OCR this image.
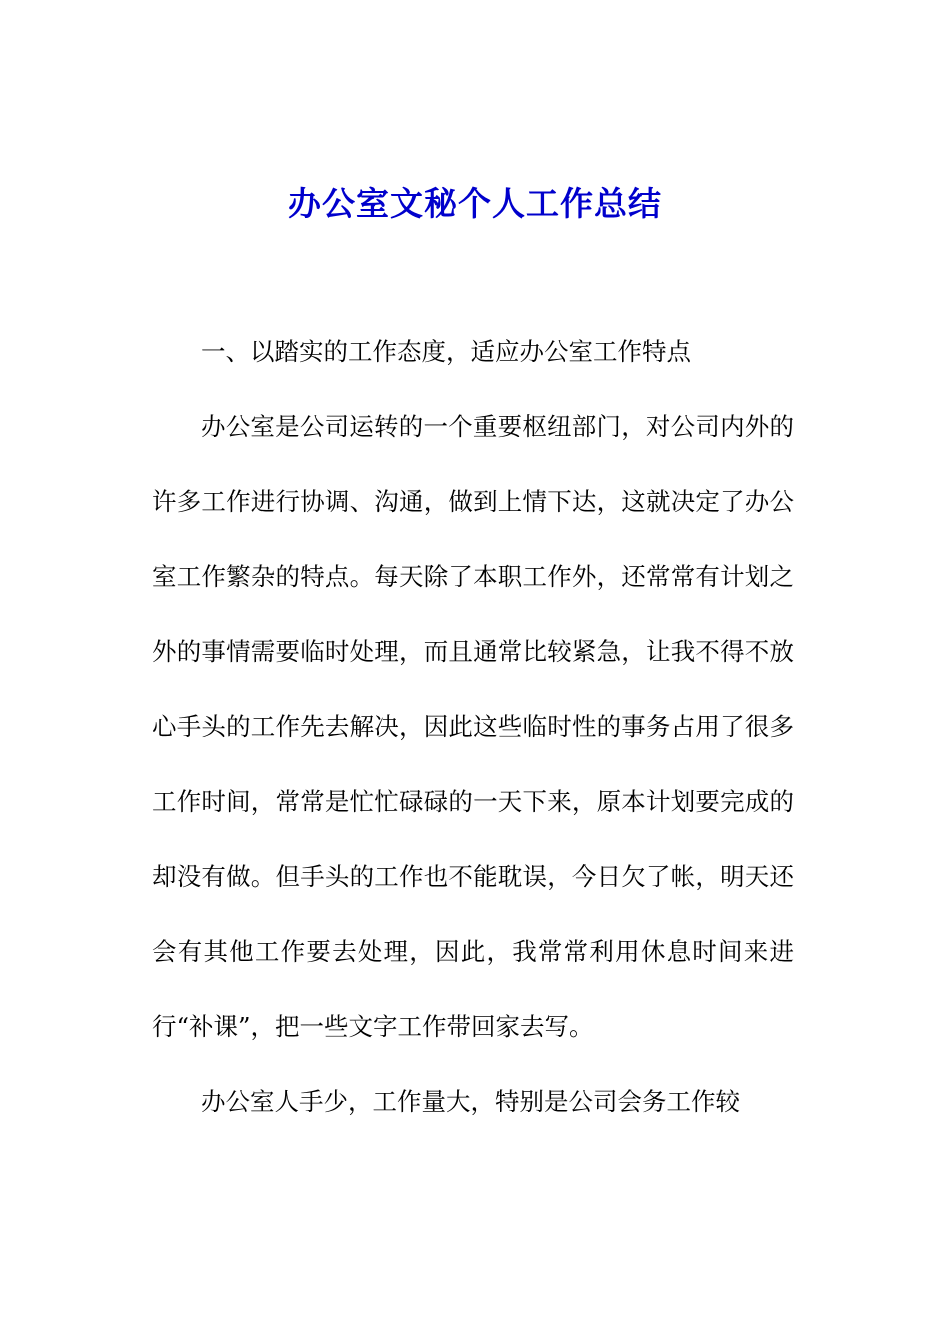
办公室文秘个人工作总结

一、以踏实的工作态度，适应办公室工作特点

办公室是公司运转的一个重要枢纽部门，对公司内外的许多工作进行协调、沟通，做到上情下达，这就决定了办公室工作繁杂的特点。每天除了本职工作外，还常常有计划之外的事情需要临时处理，而且通常比较紧急，让我不得不放心手头的工作先去解决，因此这些临时性的事务占用了很多工作时间，常常是忙忙碌碌的一天下来，原本计划要完成的却没有做。但手头的工作也不能耽误，今日欠了帐，明天还会有其他工作要去处理，因此，我常常利用休息时间来进行“补课”，把一些文字工作带回家去写。

办公室人手少，工作量大，特别是公司会务工作较
